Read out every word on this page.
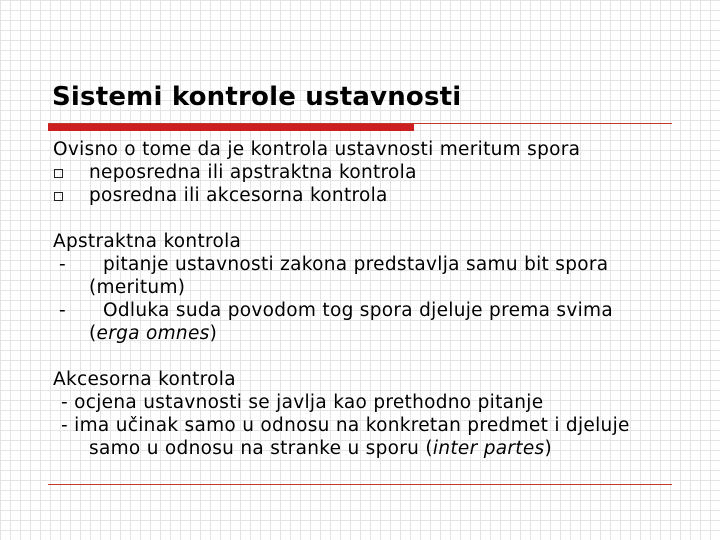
Sistemi kontrole ustavnosti
Ovisno o tome da je kontrola ustavnosti meritum spora
neposredna ili apstraktna kontrola
posredna ili akcesorna kontrola
Apstraktna kontrola
- pitanje ustavnosti zakona predstavlja samu bit spora
(meritum)
- Odluka suda povodom tog spora djeluje prema svima
(erga omnes)
Akcesorna kontrola
- ocjena ustavnosti se javlja kao prethodno pitanje
- ima učinak samo u odnosu na konkretan predmet i djeluje
samo u odnosu na stranke u sporu (inter partes)
